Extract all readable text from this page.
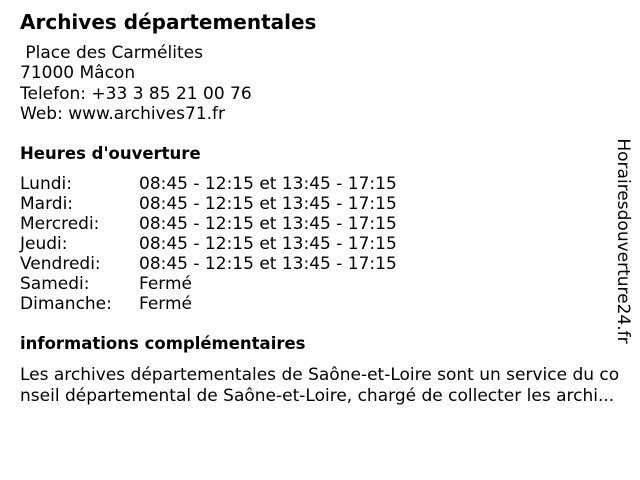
Archives départementales
Place des Carmélites
71000 Mâcon
Telefon: +33 3 85 21 00 76
Web: www.archives71.fr
Heures d'ouverture
Lundi:	08:45 - 12:15 et 13:45 - 17:15
Mardi:	08:45 - 12:15 et 13:45 - 17:15
Mercredi: 08:45 - 12:15 et 13:45 - 17:15
Jeudi:	08:45 - 12:15 et 13:45 - 17:15
Vendredi: 08:45 - 12:15 et 13:45 - 17:15
Samedi:	Fermé
Dimanche: Fermé
informations complémentaires
Les archives départementales de Saône-et-Loire sont un service du co
nseil départemental de Saône-et-Loire, chargé de collecter les archi...
Horairesdouverture24.fr
